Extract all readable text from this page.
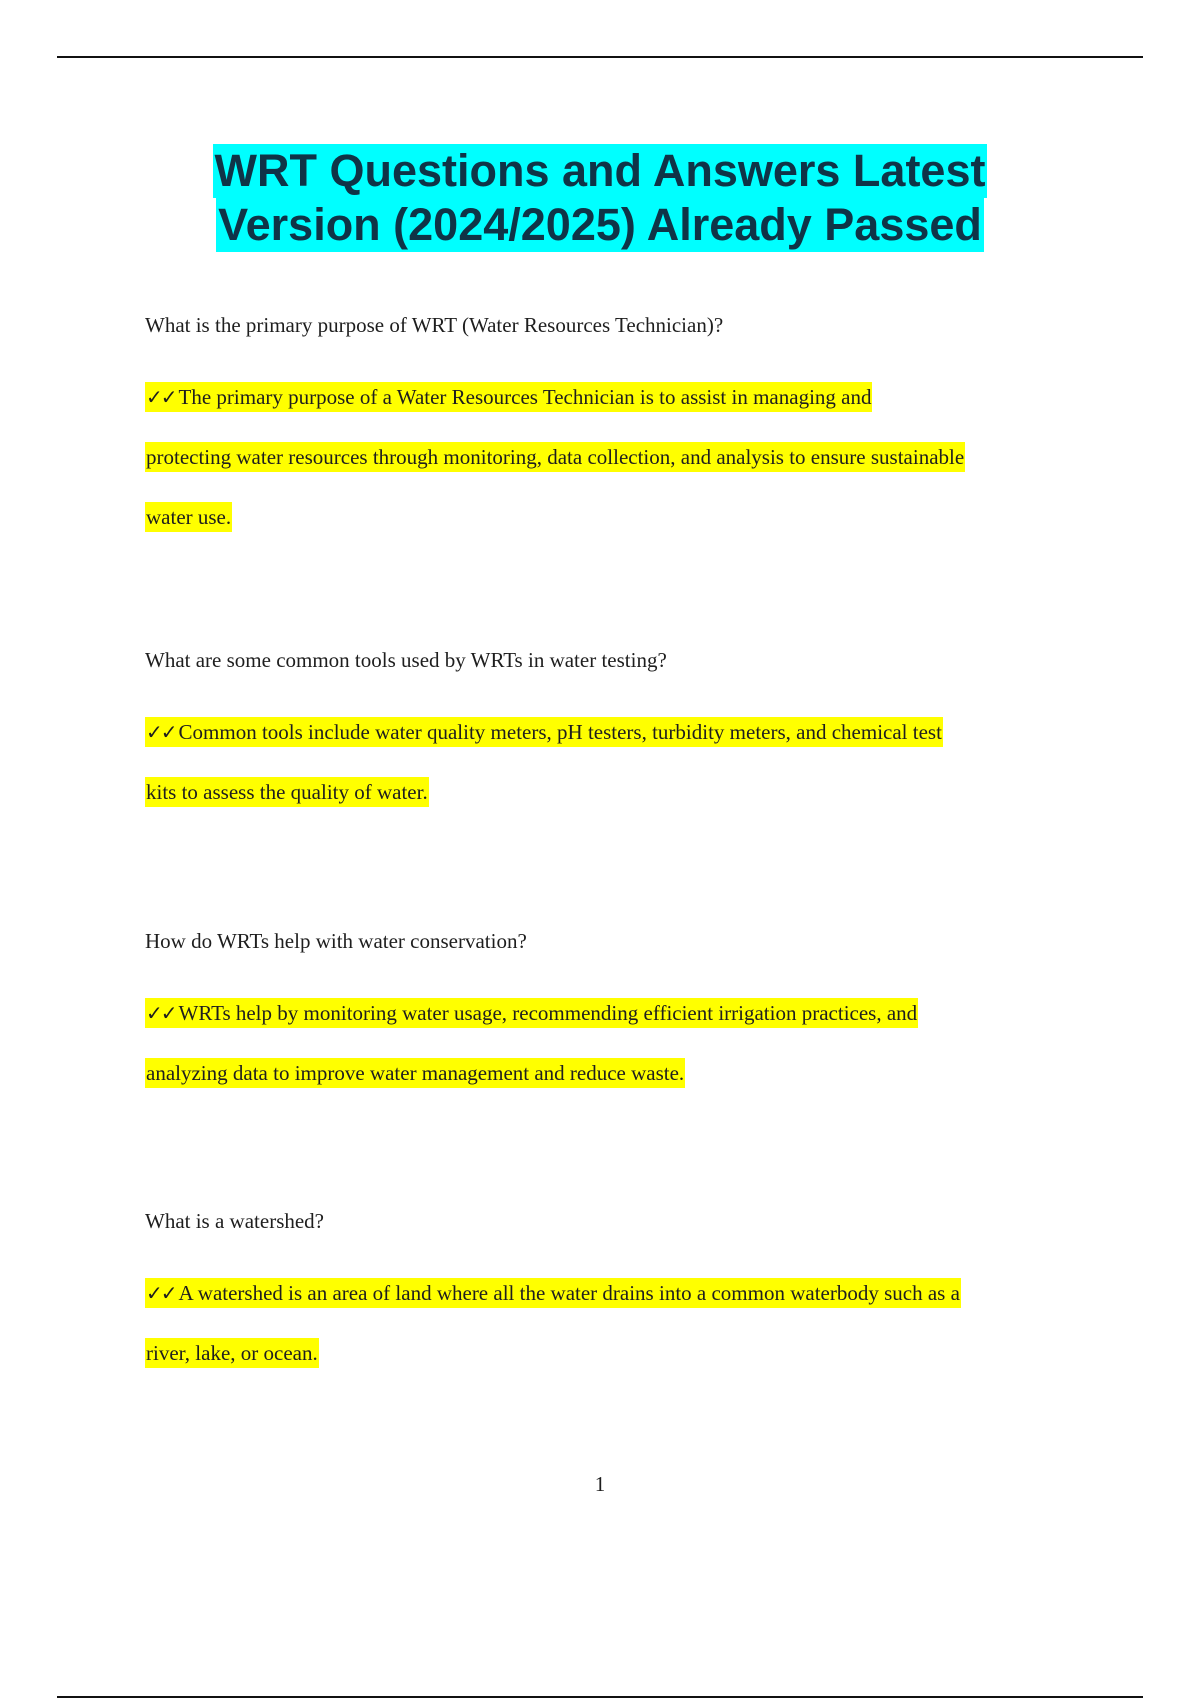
WRT Questions and Answers Latest
Version (2024/2025) Already Passed

What is the primary purpose of WRT (Water Resources Technician)?

✓✓ The primary purpose of a Water Resources Technician is to assist in managing and
protecting water resources through monitoring, data collection, and analysis to ensure sustainable
water use.

What are some common tools used by WRTs in water testing?

✓✓ Common tools include water quality meters, pH testers, turbidity meters, and chemical test
kits to assess the quality of water.

How do WRTs help with water conservation?

✓✓ WRTs help by monitoring water usage, recommending efficient irrigation practices, and
analyzing data to improve water management and reduce waste.

What is a watershed?

✓✓ A watershed is an area of land where all the water drains into a common waterbody such as a
river, lake, or ocean.
1
